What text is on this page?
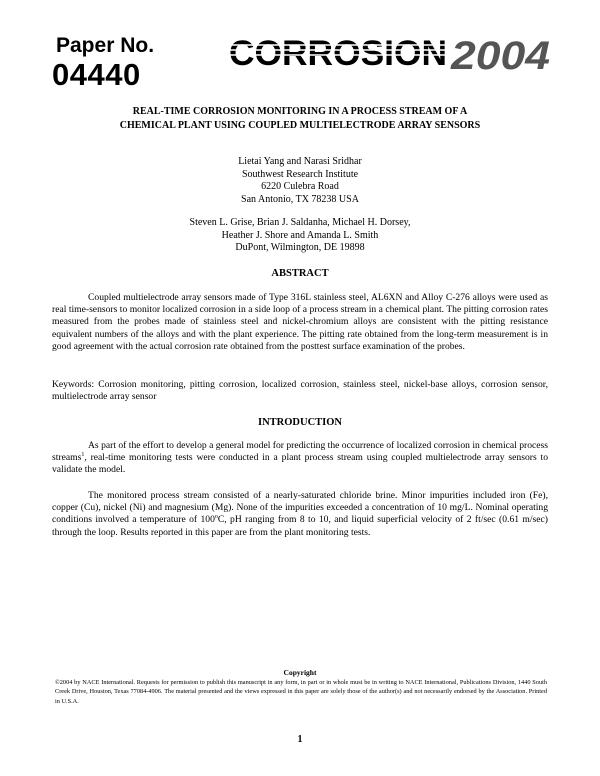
Paper No.
04440
CORROSION 2004
REAL-TIME CORROSION MONITORING IN A PROCESS STREAM OF A
CHEMICAL PLANT USING COUPLED MULTIELECTRODE ARRAY SENSORS
Lietai Yang and Narasi Sridhar
Southwest Research Institute
6220 Culebra Road
San Antonio, TX 78238 USA
Steven L. Grise, Brian J. Saldanha, Michael H. Dorsey,
Heather J. Shore and Amanda L. Smith
DuPont, Wilmington, DE 19898
ABSTRACT

Coupled multielectrode array sensors made of Type 316L stainless steel, AL6XN and Alloy C-276 alloys were used as real time-sensors to monitor localized corrosion in a side loop of a process stream in a chemical plant. The pitting corrosion rates measured from the probes made of stainless steel and nickel-chromium alloys are consistent with the pitting resistance equivalent numbers of the alloys and with the plant experience. The pitting rate obtained from the long-term measurement is in good agreement with the actual corrosion rate obtained from the posttest surface examination of the probes.

Keywords: Corrosion monitoring, pitting corrosion, localized corrosion, stainless steel, nickel-base alloys, corrosion sensor, multielectrode array sensor

INTRODUCTION

As part of the effort to develop a general model for predicting the occurrence of localized corrosion in chemical process streams$^1$, real-time monitoring tests were conducted in a plant process stream using coupled multielectrode array sensors to validate the model.

The monitored process stream consisted of a nearly-saturated chloride brine. Minor impurities included iron (Fe), copper (Cu), nickel (Ni) and magnesium (Mg). None of the impurities exceeded a concentration of 10 mg/L. Nominal operating conditions involved a temperature of 100$^o$C, pH ranging from 8 to 10, and liquid superficial velocity of 2 ft/sec (0.61 m/sec) through the loop. Results reported in this paper are from the plant monitoring tests.

Copyright

©2004 by NACE International. Requests for permission to publish this manuscript in any form, in part or in whole must be in writing to NACE International, Publications Division, 1440 South Creek Drive, Houston, Texas 77084-4906. The material presented and the views expressed in this paper are solely those of the author(s) and not necessarily endorsed by the Association. Printed in U.S.A.

1
